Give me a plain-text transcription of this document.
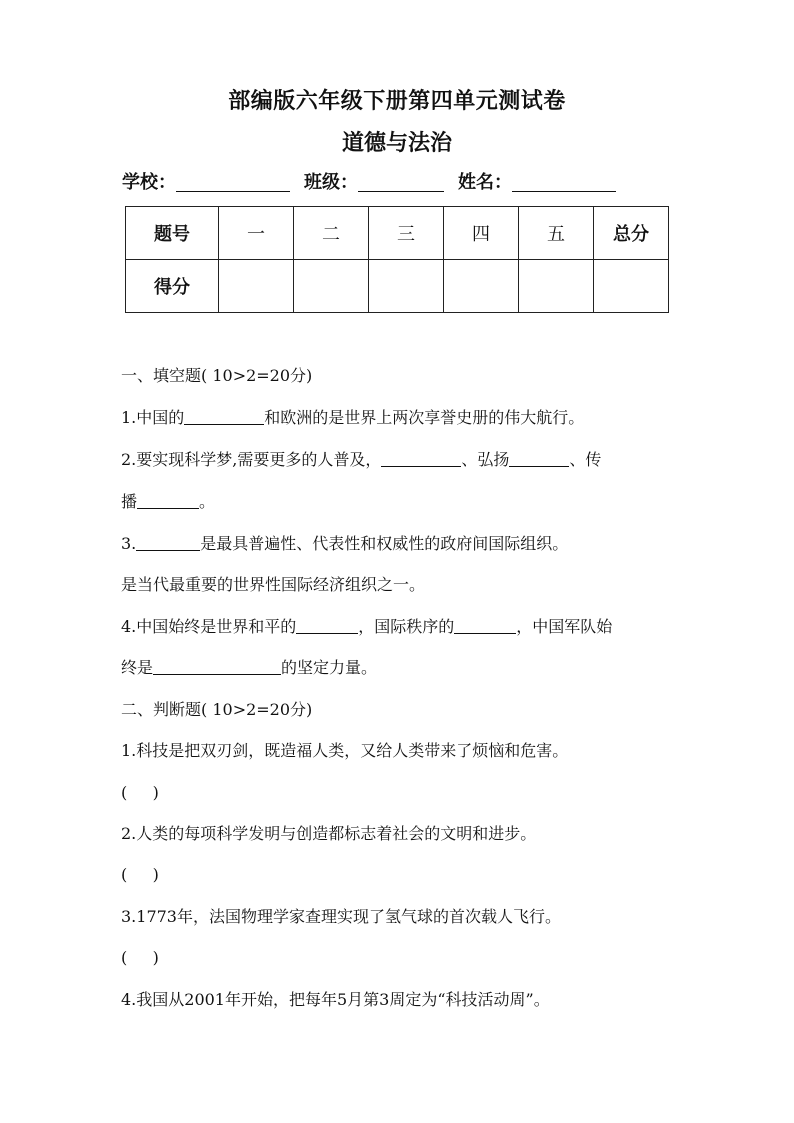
部编版六年级下册第四单元测试卷
道德与法治
学校：	班级：	姓名：
题号	一	二	三	四	五	总分
得分						
一、填空题( 10>2=20分)
1.中国的	和欧洲的是世界上两次享誉史册的伟大航行。
2.要实现科学梦,需要更多的人普及，	、弘扬	、传
播	。
3.	是最具普遍性、代表性和权威性的政府间国际组织。
是当代最重要的世界性国际经济组织之一。
4.中国始终是世界和平的	，国际秩序的	，中国军队始
终是	的坚定力量。
二、判断题( 10>2=20分)
1.科技是把双刃剑，既造福人类，又给人类带来了烦恼和危害。
(     )
2.人类的每项科学发明与创造都标志着社会的文明和进步。
(     )
3.1773年，法国物理学家查理实现了氢气球的首次载人飞行。
(     )
4.我国从2001年开始，把每年5月第3周定为“科技活动周”。
